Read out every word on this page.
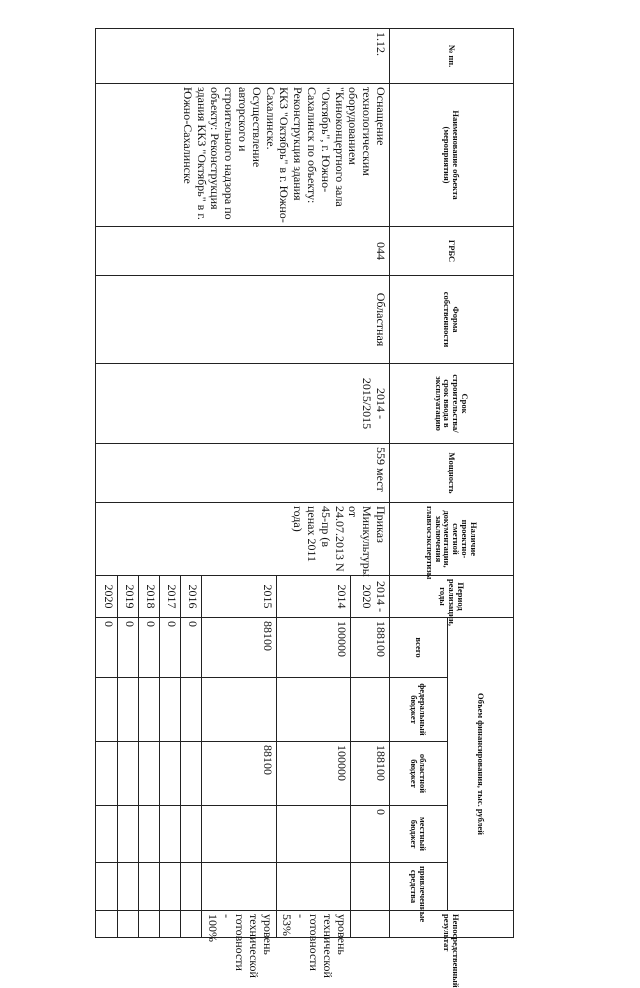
№ пп.	Наименование объекта (мероприятия)	ГРБС	Форма собственности	Срок строительства/срок ввода в эксплуатацию	Мощность	Наличие проектно-сметной документации, заключения главгосэкспертизы	Период реализации, годы	Объем финансирования, тыс. рублей					Непосредственный результат
								всего	федеральный бюджет	областной бюджет	местный бюджет	привлеченные средства	
1.12.	Оснащение технологическим оборудованием "Киноконцертного зала "Октябрь", г. Южно-Сахалинск по объекту: Реконструкция здания ККЗ "Октябрь" в г. Южно-Сахалинске. Осуществление авторского и строительного надзора по объекту: Реконструкция здания ККЗ "Октябрь" в г. Южно-Сахалинске	044	Областная	2014 - 2015/2015	559 мест	Приказ Минкультуры от 24.07.2013 N 45-пр (в ценах 2011 года)	2014 - 2020	188100		188100	0		
							2014	100000		100000			уровень технической готовности - 53%
							2015	88100		88100			уровень технической готовности - 100%
							2016	0					
							2017	0					
							2018	0					
							2019	0					
							2020	0					
